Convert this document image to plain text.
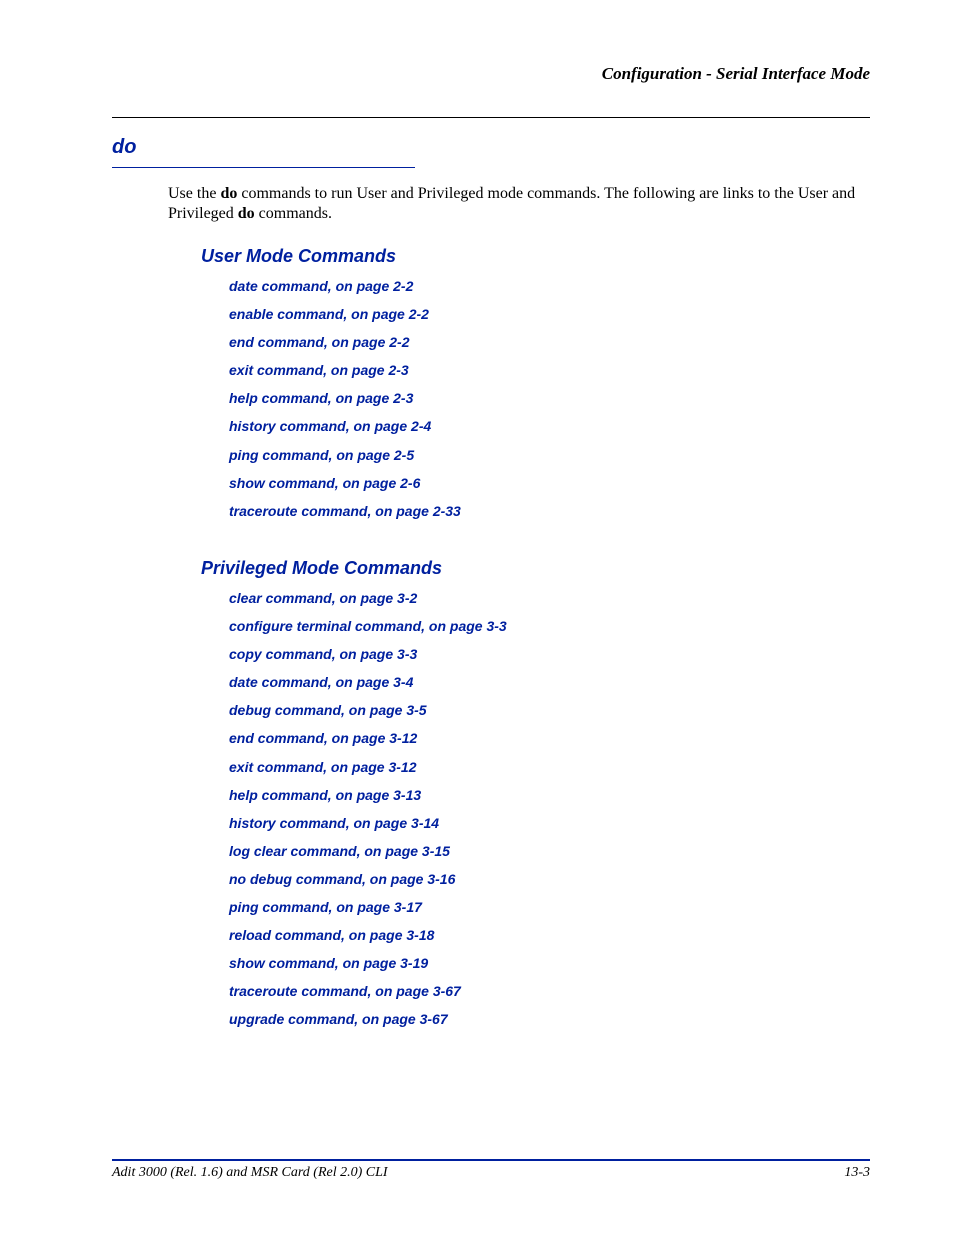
Configuration - Serial Interface Mode
do

Use the do commands to run User and Privileged mode commands. The following are links to the User and Privileged do commands.

User Mode Commands
date command, on page 2-2
enable command, on page 2-2
end command, on page 2-2
exit command, on page 2-3
help command, on page 2-3
history command, on page 2-4
ping command, on page 2-5
show command, on page 2-6
traceroute command, on page 2-33
Privileged Mode Commands
clear command, on page 3-2
configure terminal command, on page 3-3
copy command, on page 3-3
date command, on page 3-4
debug command, on page 3-5
end command, on page 3-12
exit command, on page 3-12
help command, on page 3-13
history command, on page 3-14
log clear command, on page 3-15
no debug command, on page 3-16
ping command, on page 3-17
reload command, on page 3-18
show command, on page 3-19
traceroute command, on page 3-67
upgrade command, on page 3-67
Adit 3000 (Rel. 1.6) and MSR Card (Rel 2.0) CLI	13-3
